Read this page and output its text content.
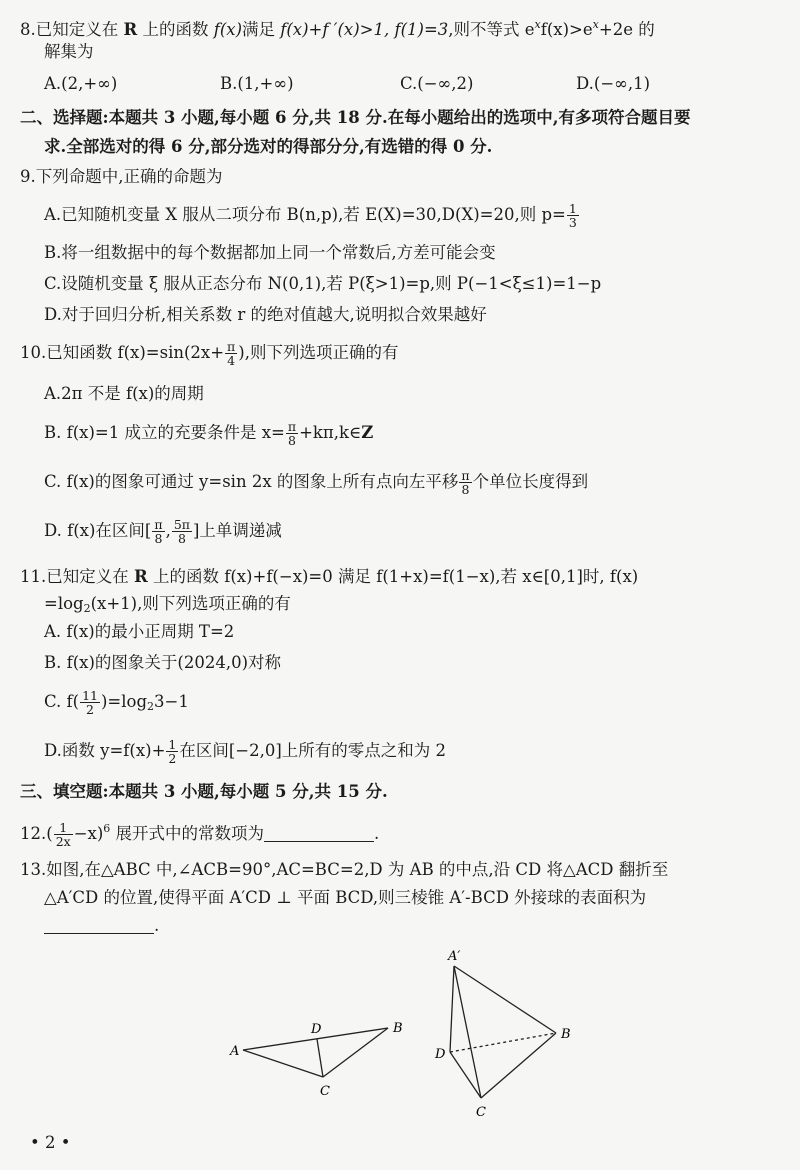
8.已知定义在 R 上的函数 f(x)满足 f(x)+f ′(x)>1, f(1)=3,则不等式 $e^xf(x)>e^x+2e$ 的
解集为
A.(2,+∞)	B.(1,+∞)	C.(−∞,2)	D.(−∞,1)
二、选择题:本题共 3 小题,每小题 6 分,共 18 分.在每小题给出的选项中,有多项符合题目要
求.全部选对的得 6 分,部分选对的得部分分,有选错的得 0 分.
9.下列命题中,正确的命题为
A.已知随机变量 X 服从二项分布 B(n,p),若 E(X)=30,D(X)=20,则 $p= \frac{1}{3}$
B.将一组数据中的每个数据都加上同一个常数后,方差可能会变
C.设随机变量 ξ 服从正态分布 N(0,1),若 P(ξ>1)=p,则 P(−1<ξ≤1)=1−p
D.对于回归分析,相关系数 r 的绝对值越大,说明拟合效果越好
10.已知函数 $f(x)=\sin(2x+ \frac{\pi}{4}$ ),则下列选项正确的有
A.2π 不是 f(x)的周期
B. f(x)=1 成立的充要条件是 $x= \frac{\pi}{8}$ +kπ,k∈Z
C. f(x)的图象可通过 y=sin 2x 的图象上所有点向左平移 $\frac{\pi}{8}$ 个单位长度得到
D. f(x)在区间[ $\frac{\pi}{8}$ , $\frac{5\pi}{8}$ ]上单调递减
11.已知定义在 R 上的函数 f(x)+f(−x)=0 满足 f(1+x)=f(1−x),若 x∈[0,1]时, f(x)
$=\log_2(x+1)$,则下列选项正确的有
A. f(x)的最小正周期 T=2
B. f(x)的图象关于(2024,0)对称
C. $f( \frac{11}{2} )=\log_23-1$
D.函数 $y=f(x)+ \frac{1}{2}$ 在区间[−2,0]上所有的零点之和为 2
三、填空题:本题共 3 小题,每小题 5 分,共 15 分.
$12.( \frac{1}{2x} -x)^6$ 展开式中的常数项为	.
13.如图,在△ABC 中,∠ACB=90°,AC=BC=2,D 为 AB 的中点,沿 CD 将△ACD 翻折至
△A′CD 的位置,使得平面 A′CD ⊥ 平面 BCD,则三棱锥 A′-BCD 外接球的表面积为
.
A
B
C
D
A′
B
C
D
• 2 •
